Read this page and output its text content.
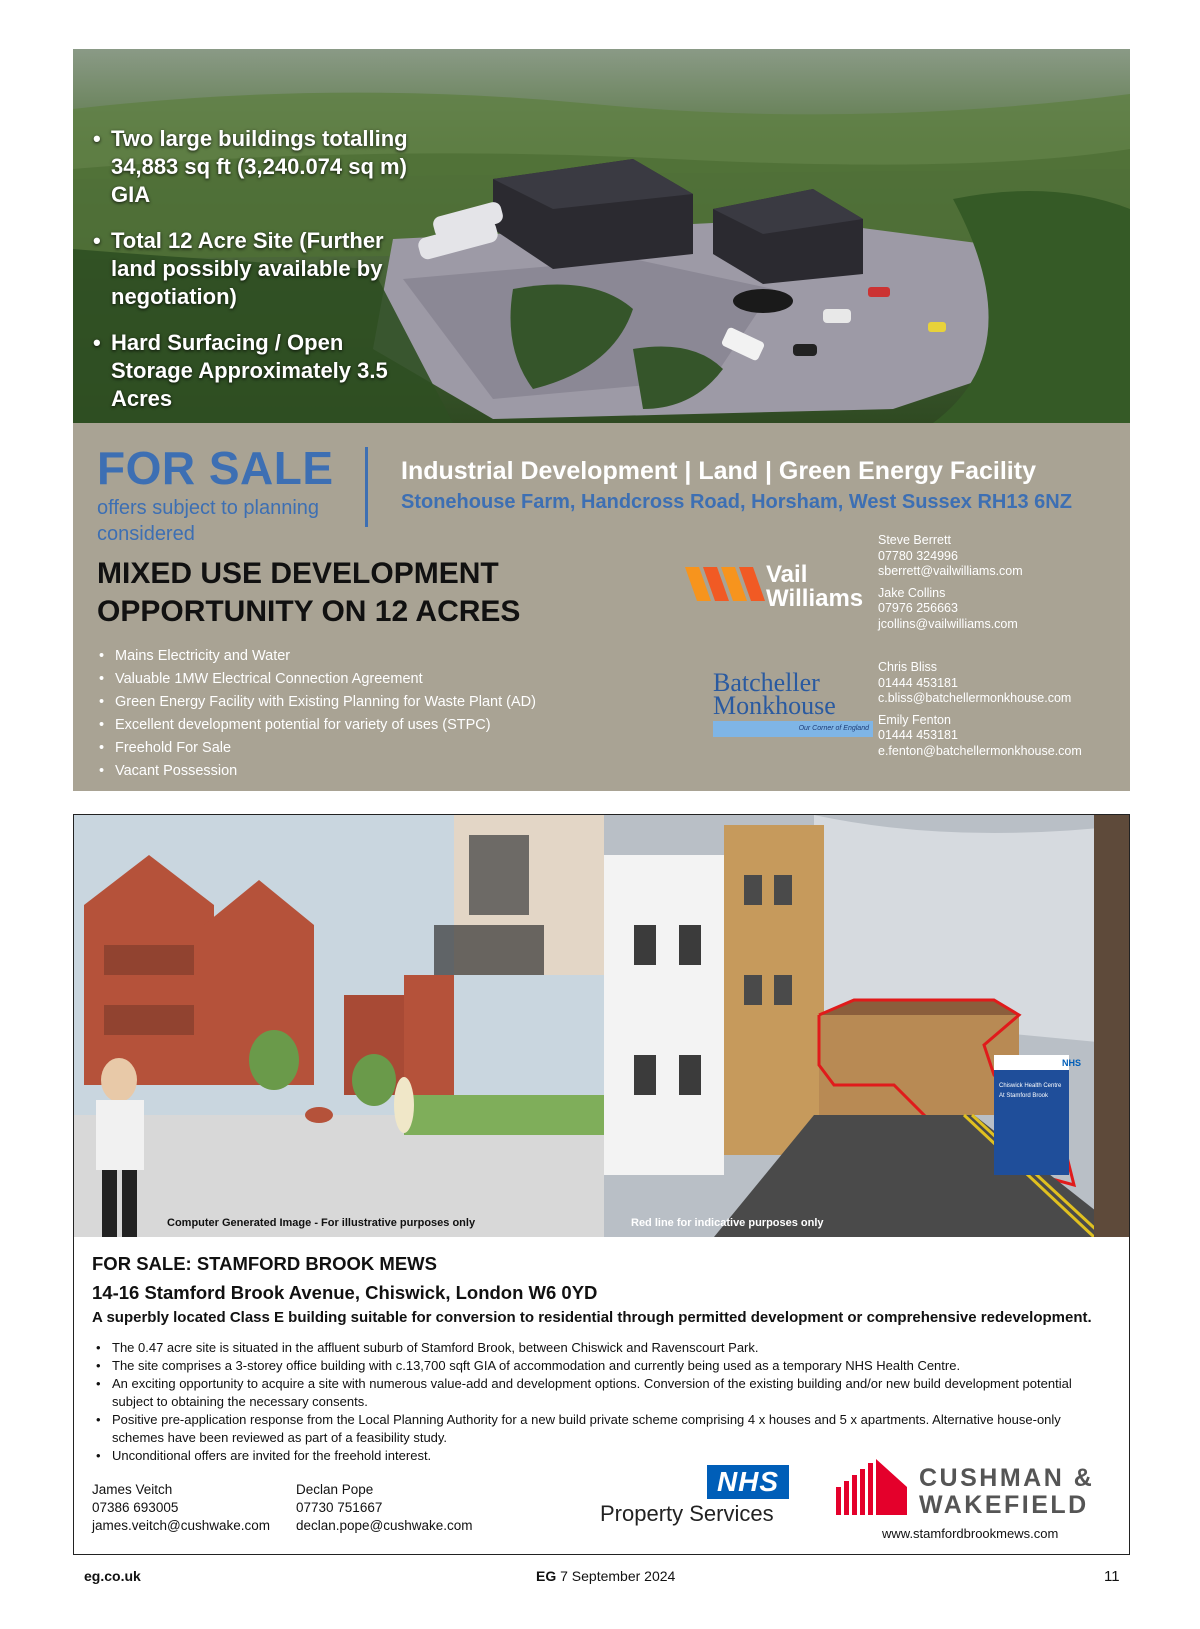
• Two large buildings totalling 34,883 sq ft (3,240.074 sq m) GIA
• Total 12 Acre Site (Further land possibly available by negotiation)
• Hard Surfacing / Open Storage Approximately 3.5 Acres
FOR SALE
offers subject to planning considered
Industrial Development | Land | Green Energy Facility
Stonehouse Farm, Handcross Road, Horsham, West Sussex RH13 6NZ
MIXED USE DEVELOPMENT OPPORTUNITY ON 12 ACRES
• Mains Electricity and Water
• Valuable 1MW Electrical Connection Agreement
• Green Energy Facility with Existing Planning for Waste Plant (AD)
• Excellent development potential for variety of uses (STPC)
• Freehold For Sale
• Vacant Possession
Vail
Williams
Batcheller
Monkhouse
Our Corner of England
Steve Berrett
07780 324996
sberrett@vailwilliams.com
Jake Collins
07976 256663
jcollins@vailwilliams.com
Chris Bliss
01444 453181
c.bliss@batchellermonkhouse.com
Emily Fenton
01444 453181
e.fenton@batchellermonkhouse.com
NHS
Chiswick Health Centre
At Stamford Brook
Computer Generated Image - For illustrative purposes only	Red line for indicative purposes only
FOR SALE: STAMFORD BROOK MEWS
14-16 Stamford Brook Avenue, Chiswick, London W6 0YD
A superbly located Class E building suitable for conversion to residential through permitted development or comprehensive redevelopment.
• The 0.47 acre site is situated in the affluent suburb of Stamford Brook, between Chiswick and Ravenscourt Park.
• The site comprises a 3-storey office building with c.13,700 sqft GIA of accommodation and currently being used as a temporary NHS Health Centre.
• An exciting opportunity to acquire a site with numerous value-add and development options. Conversion of the existing building and/or new build development potential subject to obtaining the necessary consents.
• Positive pre-application response from the Local Planning Authority for a new build private scheme comprising 4 x houses and 5 x apartments. Alternative house-only schemes have been reviewed as part of a feasibility study.
• Unconditional offers are invited for the freehold interest.
James Veitch
07386 693005
james.veitch@cushwake.com
Declan Pope
07730 751667
declan.pope@cushwake.com
NHS
Property Services
CUSHMAN &
WAKEFIELD
www.stamfordbrookmews.com
eg.co.uk	EG 7 September 2024	11
